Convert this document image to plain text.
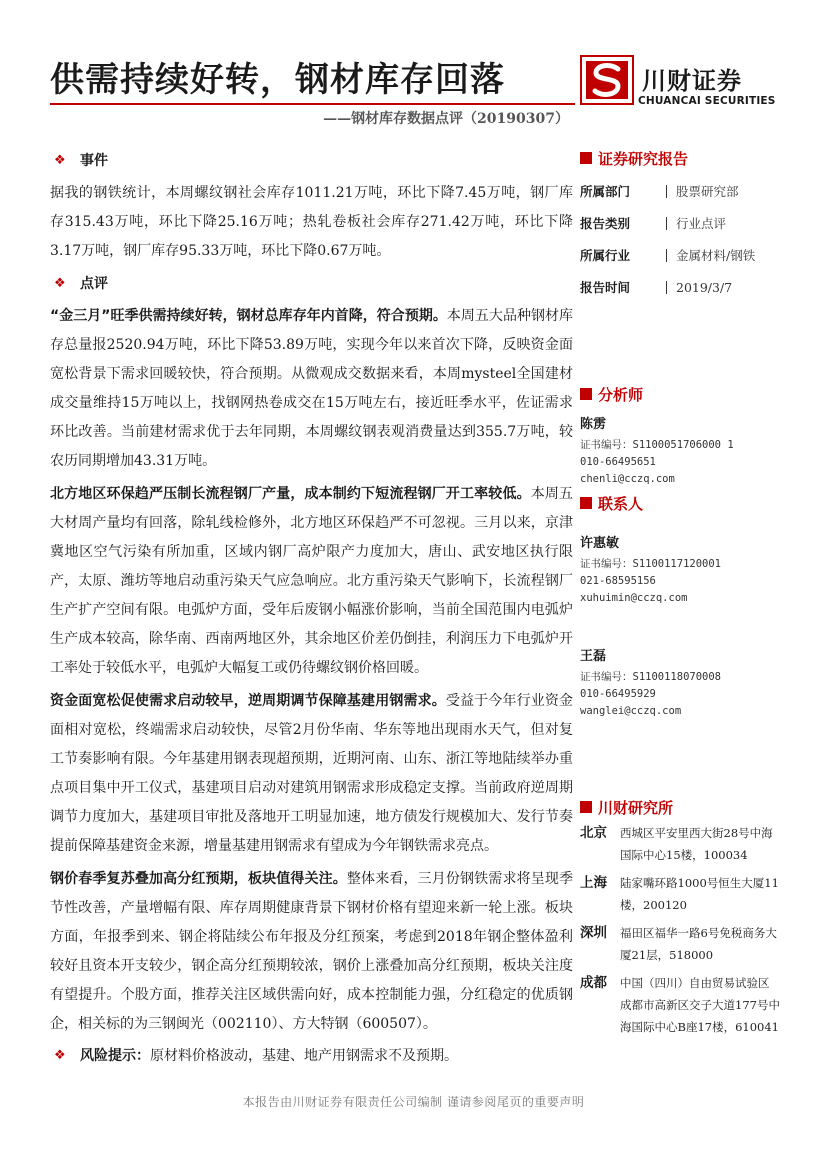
供需持续好转，钢材库存回落
——钢材库存数据点评（20190307）
川财证券
CHUANCAI SECURITIES
❖	事件

据我的钢铁统计，本周螺纹钢社会库存1011.21万吨，环比下降7.45万吨，钢厂库存315.43万吨，环比下降25.16万吨；热轧卷板社会库存271.42万吨，环比下降3.17万吨，钢厂库存95.33万吨，环比下降0.67万吨。

❖	点评

“金三月”旺季供需持续好转，钢材总库存年内首降，符合预期。本周五大品种钢材库存总量报2520.94万吨，环比下降53.89万吨，实现今年以来首次下降，反映资金面宽松背景下需求回暖较快，符合预期。从微观成交数据来看，本周mysteel全国建材成交量维持15万吨以上，找钢网热卷成交在15万吨左右，接近旺季水平，佐证需求环比改善。当前建材需求优于去年同期，本周螺纹钢表观消费量达到355.7万吨，较农历同期增加43.31万吨。

北方地区环保趋严压制长流程钢厂产量，成本制约下短流程钢厂开工率较低。本周五大材周产量均有回落，除轧线检修外，北方地区环保趋严不可忽视。三月以来，京津冀地区空气污染有所加重，区域内钢厂高炉限产力度加大，唐山、武安地区执行限产，太原、潍坊等地启动重污染天气应急响应。北方重污染天气影响下，长流程钢厂生产扩产空间有限。电弧炉方面，受年后废钢小幅涨价影响，当前全国范围内电弧炉生产成本较高，除华南、西南两地区外，其余地区价差仍倒挂，利润压力下电弧炉开工率处于较低水平，电弧炉大幅复工或仍待螺纹钢价格回暖。

资金面宽松促使需求启动较早，逆周期调节保障基建用钢需求。受益于今年行业资金面相对宽松，终端需求启动较快，尽管2月份华南、华东等地出现雨水天气，但对复工节奏影响有限。今年基建用钢表现超预期，近期河南、山东、浙江等地陆续举办重点项目集中开工仪式，基建项目启动对建筑用钢需求形成稳定支撑。当前政府逆周期调节力度加大，基建项目审批及落地开工明显加速，地方债发行规模加大、发行节奏提前保障基建资金来源，增量基建用钢需求有望成为今年钢铁需求亮点。

钢价春季复苏叠加高分红预期，板块值得关注。整体来看，三月份钢铁需求将呈现季节性改善，产量增幅有限、库存周期健康背景下钢材价格有望迎来新一轮上涨。板块方面，年报季到来、钢企将陆续公布年报及分红预案，考虑到2018年钢企整体盈利较好且资本开支较少，钢企高分红预期较浓，钢价上涨叠加高分红预期，板块关注度有望提升。个股方面，推荐关注区域供需向好，成本控制能力强，分红稳定的优质钢企，相关标的为三钢闽光（002110）、方大特钢（600507）。

❖	风险提示：原材料价格波动，基建、地产用钢需求不及预期。
证券研究报告
所属部门	股票研究部
报告类别	行业点评
所属行业	金属材料/钢铁
报告时间	2019/3/7
分析师
陈雳
证书编号：S1100051706000 1
010-66495651
chenli@cczq.com
联系人
许惠敏
证书编号：S1100117120001
021-68595156
xuhuimin@cczq.com
王磊
证书编号：S1100118070008
010-66495929
wanglei@cczq.com
川财研究所
北京	西城区平安里西大街28号中海国际中心15楼，100034
上海	陆家嘴环路1000号恒生大厦11楼，200120
深圳	福田区福华一路6号免税商务大厦21层，518000
成都	中国（四川）自由贸易试验区成都市高新区交子大道177号中海国际中心B座17楼，610041
本报告由川财证券有限责任公司编制 谨请参阅尾页的重要声明
